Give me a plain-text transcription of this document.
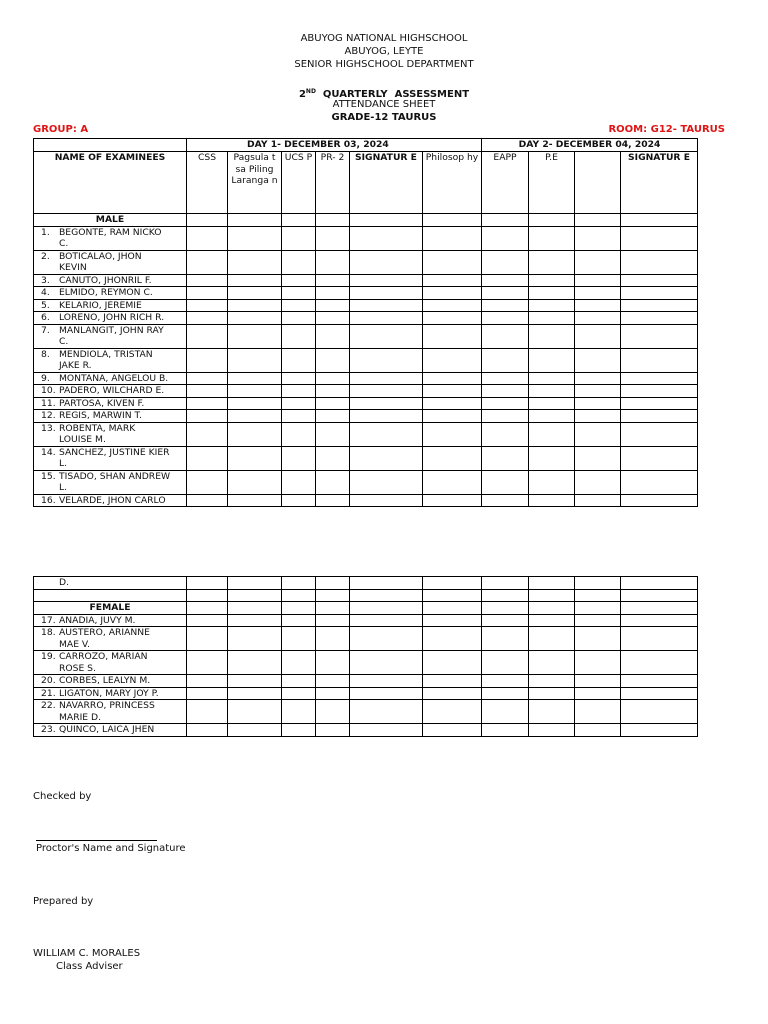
ABUYOG NATIONAL HIGHSCHOOL
ABUYOG, LEYTE
SENIOR HIGHSCHOOL DEPARTMENT
2ND QUARTERLY  ASSESSMENT
ATTENDANCE SHEET
GRADE-12 TAURUS
GROUP: A	ROOM: G12- TAURUS
	DAY 1- DECEMBER 03, 2024						DAY 2- DECEMBER 04, 2024			
NAME OF EXAMINEES	CSS	Pagsula t sa Piling Laranga n	UCS P	PR- 2	SIGNATUR E	Philosop hy	EAPP	P.E		SIGNATUR E
MALE										

1. BEGONTE, RAM NICKO
C.										

2. BOTICALAO, JHON
KEVIN										

3. CANUTO, JHONRIL F.										

4. ELMIDO, REYMON C.										

5. KELARIO, JEREMIE										

6. LORENO, JOHN RICH R.										

7. MANLANGIT, JOHN RAY
C.										

8. MENDIOLA, TRISTAN
JAKE R.										

9. MONTANA, ANGELOU B.										

10. PADERO, WILCHARD E.										

11. PARTOSA, KIVEN F.										

12. REGIS, MARWIN T.										

13. ROBENTA, MARK
LOUISE M.										

14. SANCHEZ, JUSTINE KIER
L.										

15. TISADO, SHAN ANDREW
L.										

16. VELARDE, JHON CARLO										

D.										

FEMALE										

17. ANADIA, JUVY M.										

18. AUSTERO, ARIANNE
MAE V.										

19. CARROZO, MARIAN
ROSE S.										

20. CORBES, LEALYN M.										

21. LIGATON, MARY JOY P.										

22. NAVARRO, PRINCESS
MARIE D.										

23. QUINCO, LAICA JHEN										

Checked by
Proctor's Name and Signature
Prepared by
WILLIAM C. MORALES
Class Adviser
